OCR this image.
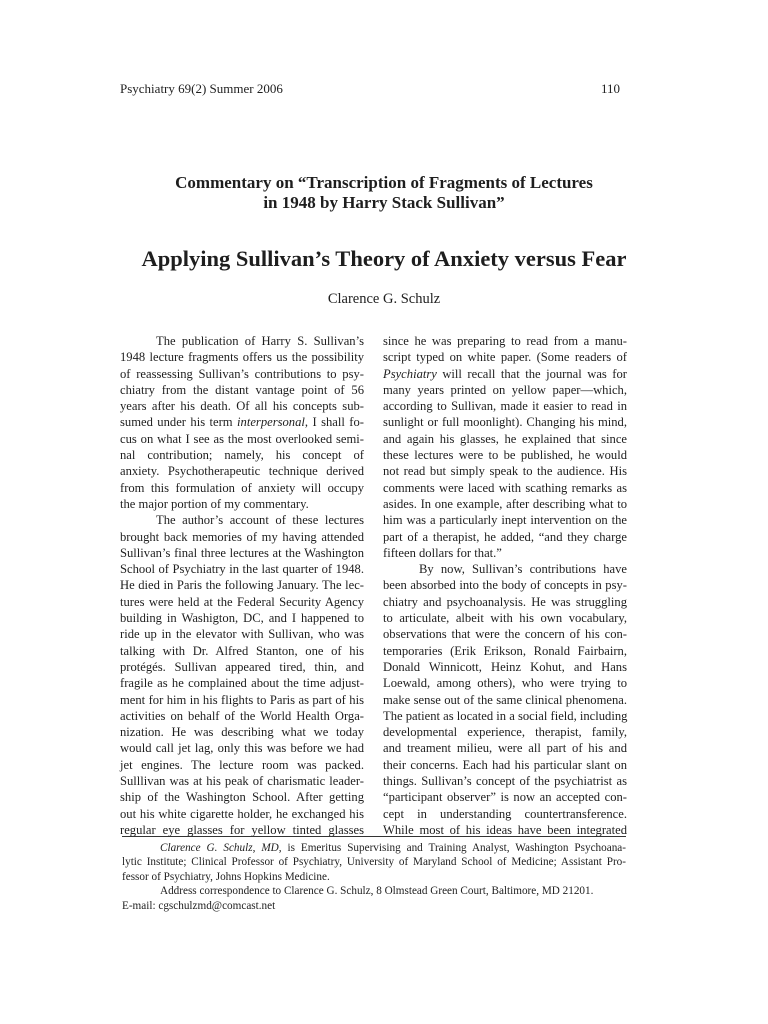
Psychiatry 69(2) Summer 2006	110
Commentary on “Transcription of Fragments of Lectures
in 1948 by Harry Stack Sullivan”
Applying Sullivan’s Theory of Anxiety versus Fear
Clarence G. Schulz
The publication of Harry S. Sullivan’s
1948 lecture fragments offers us the possibility
of reassessing Sullivan’s contributions to psy-
chiatry from the distant vantage point of 56
years after his death. Of all his concepts sub-
sumed under his term interpersonal, I shall fo-
cus on what I see as the most overlooked semi-
nal contribution; namely, his concept of
anxiety. Psychotherapeutic technique derived
from this formulation of anxiety will occupy
the major portion of my commentary.
The author’s account of these lectures
brought back memories of my having attended
Sullivan’s final three lectures at the Washington
School of Psychiatry in the last quarter of 1948.
He died in Paris the following January. The lec-
tures were held at the Federal Security Agency
building in Washigton, DC, and I happened to
ride up in the elevator with Sullivan, who was
talking with Dr. Alfred Stanton, one of his
protégés. Sullivan appeared tired, thin, and
fragile as he complained about the time adjust-
ment for him in his flights to Paris as part of his
activities on behalf of the World Health Orga-
nization. He was describing what we today
would call jet lag, only this was before we had
jet engines. The lecture room was packed.
Sulllivan was at his peak of charismatic leader-
ship of the Washington School. After getting
out his white cigarette holder, he exchanged his
regular eye glasses for yellow tinted glasses
since he was preparing to read from a manu-
script typed on white paper. (Some readers of
Psychiatry will recall that the journal was for
many years printed on yellow paper—which,
according to Sullivan, made it easier to read in
sunlight or full moonlight). Changing his mind,
and again his glasses, he explained that since
these lectures were to be published, he would
not read but simply speak to the audience. His
comments were laced with scathing remarks as
asides. In one example, after describing what to
him was a particularly inept intervention on the
part of a therapist, he added, “and they charge
fifteen dollars for that.”
By now, Sullivan’s contributions have
been absorbed into the body of concepts in psy-
chiatry and psychoanalysis. He was struggling
to articulate, albeit with his own vocabulary,
observations that were the concern of his con-
temporaries (Erik Erikson, Ronald Fairbairn,
Donald Winnicott, Heinz Kohut, and Hans
Loewald, among others), who were trying to
make sense out of the same clinical phenomena.
The patient as located in a social field, including
developmental experience, therapist, family,
and treament milieu, were all part of his and
their concerns. Each had his particular slant on
things. Sullivan’s concept of the psychiatrist as
“participant observer” is now an accepted con-
cept in understanding countertransference.
While most of his ideas have been integrated
Clarence G. Schulz, MD, is Emeritus Supervising and Training Analyst, Washington Psychoana-
lytic Institute; Clinical Professor of Psychiatry, University of Maryland School of Medicine; Assistant Pro-
fessor of Psychiatry, Johns Hopkins Medicine.
Address correspondence to Clarence G. Schulz, 8 Olmstead Green Court, Baltimore, MD 21201.
E-mail: cgschulzmd@comcast.net
